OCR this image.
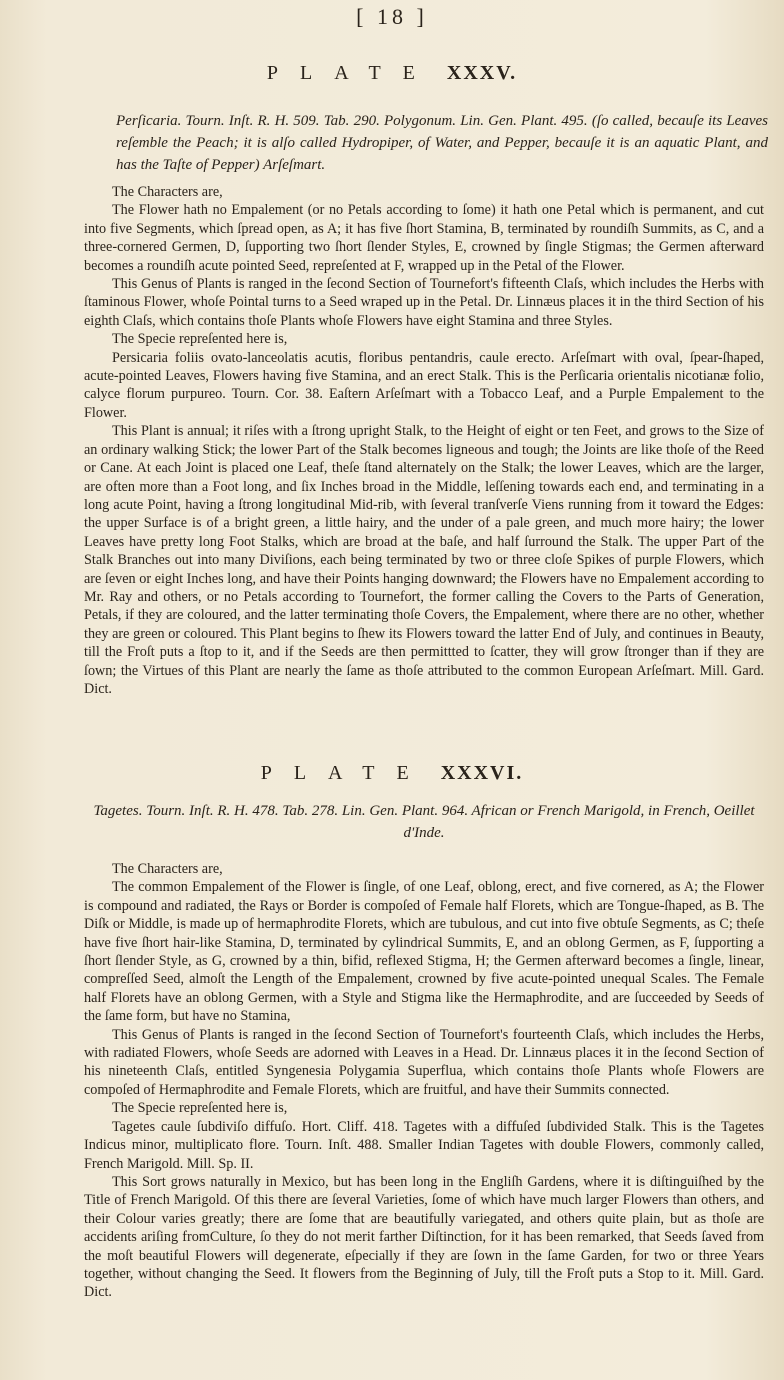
[ 18 ]
PLATE XXXV.
Perſicaria. Tourn. Inſt. R. H. 509. Tab. 290. Polygonum. Lin. Gen. Plant. 495. (ſo called, becauſe its Leaves reſemble the Peach; it is alſo called Hydropiper, of Water, and Pepper, becauſe it is an aquatic Plant, and has the Taſte of Pepper) Arſeſmart.

The Characters are,

The Flower hath no Empalement (or no Petals according to ſome) it hath one Petal which is permanent, and cut into five Segments, which ſpread open, as A; it has five ſhort Stamina, B, terminated by roundiſh Summits, as C, and a three-cornered Germen, D, ſupporting two ſhort ſlender Styles, E, crowned by ſingle Stigmas; the Germen afterward becomes a roundiſh acute pointed Seed, repreſented at F, wrapped up in the Petal of the Flower.

This Genus of Plants is ranged in the ſecond Section of Tournefort's fifteenth Claſs, which includes the Herbs with ſtaminous Flower, whoſe Pointal turns to a Seed wraped up in the Petal. Dr. Linnæus places it in the third Section of his eighth Claſs, which contains thoſe Plants whoſe Flowers have eight Stamina and three Styles.

The Specie repreſented here is,

Persicaria foliis ovato-lanceolatis acutis, floribus pentandris, caule erecto. Arſeſmart with oval, ſpear-ſhaped, acute-pointed Leaves, Flowers having five Stamina, and an erect Stalk. This is the Perſicaria orientalis nicotianæ folio, calyce florum purpureo. Tourn. Cor. 38. Eaſtern Arſeſmart with a Tobacco Leaf, and a Purple Empalement to the Flower.

This Plant is annual; it riſes with a ſtrong upright Stalk, to the Height of eight or ten Feet, and grows to the Size of an ordinary walking Stick; the lower Part of the Stalk becomes ligneous and tough; the Joints are like thoſe of the Reed or Cane. At each Joint is placed one Leaf, theſe ſtand alternately on the Stalk; the lower Leaves, which are the larger, are often more than a Foot long, and ſix Inches broad in the Middle, leſſening towards each end, and terminating in a long acute Point, having a ſtrong longitudinal Mid-rib, with ſeveral tranſverſe Viens running from it toward the Edges: the upper Surface is of a bright green, a little hairy, and the under of a pale green, and much more hairy; the lower Leaves have pretty long Foot Stalks, which are broad at the baſe, and half ſurround the Stalk. The upper Part of the Stalk Branches out into many Diviſions, each being terminated by two or three cloſe Spikes of purple Flowers, which are ſeven or eight Inches long, and have their Points hanging downward; the Flowers have no Empalement according to Mr. Ray and others, or no Petals according to Tournefort, the former calling the Covers to the Parts of Generation, Petals, if they are coloured, and the latter terminating thoſe Covers, the Empalement, where there are no other, whether they are green or coloured. This Plant begins to ſhew its Flowers toward the latter End of July, and continues in Beauty, till the Froſt puts a ſtop to it, and if the Seeds are then permittted to ſcatter, they will grow ſtronger than if they are ſown; the Virtues of this Plant are nearly the ſame as thoſe attributed to the common European Arſeſmart. Mill. Gard. Dict.

PLATE XXXVI.
Tagetes. Tourn. Inſt. R. H. 478. Tab. 278. Lin. Gen. Plant. 964. African or French Marigold, in French, Oeillet d'Inde.

The Characters are,

The common Empalement of the Flower is ſingle, of one Leaf, oblong, erect, and five cornered, as A; the Flower is compound and radiated, the Rays or Border is compoſed of Female half Florets, which are Tongue-ſhaped, as B. The Diſk or Middle, is made up of hermaphrodite Florets, which are tubulous, and cut into five obtuſe Segments, as C; theſe have five ſhort hair-like Stamina, D, terminated by cylindrical Summits, E, and an oblong Germen, as F, ſupporting a ſhort ſlender Style, as G, crowned by a thin, bifid, reflexed Stigma, H; the Germen afterward becomes a ſingle, linear, compreſſed Seed, almoſt the Length of the Empalement, crowned by five acute-pointed unequal Scales. The Female half Florets have an oblong Germen, with a Style and Stigma like the Hermaphrodite, and are ſucceeded by Seeds of the ſame form, but have no Stamina,

This Genus of Plants is ranged in the ſecond Section of Tournefort's fourteenth Claſs, which includes the Herbs, with radiated Flowers, whoſe Seeds are adorned with Leaves in a Head. Dr. Linnæus places it in the ſecond Section of his nineteenth Claſs, entitled Syngenesia Polygamia Superflua, which contains thoſe Plants whoſe Flowers are compoſed of Hermaphrodite and Female Florets, which are fruitful, and have their Summits connected.

The Specie repreſented here is,

Tagetes caule ſubdiviſo diffuſo. Hort. Cliff. 418. Tagetes with a diffuſed ſubdivided Stalk. This is the Tagetes Indicus minor, multiplicato flore. Tourn. Inſt. 488. Smaller Indian Tagetes with double Flowers, commonly called, French Marigold. Mill. Sp. II.

This Sort grows naturally in Mexico, but has been long in the Engliſh Gardens, where it is diſtinguiſhed by the Title of French Marigold. Of this there are ſeveral Varieties, ſome of which have much larger Flowers than others, and their Colour varies greatly; there are ſome that are beautifully variegated, and others quite plain, but as thoſe are accidents ariſing fromCulture, ſo they do not merit farther Diſtinction, for it has been remarked, that Seeds ſaved from the moſt beautiful Flowers will degenerate, eſpecially if they are ſown in the ſame Garden, for two or three Years together, without changing the Seed. It flowers from the Beginning of July, till the Froſt puts a Stop to it. Mill. Gard. Dict.
